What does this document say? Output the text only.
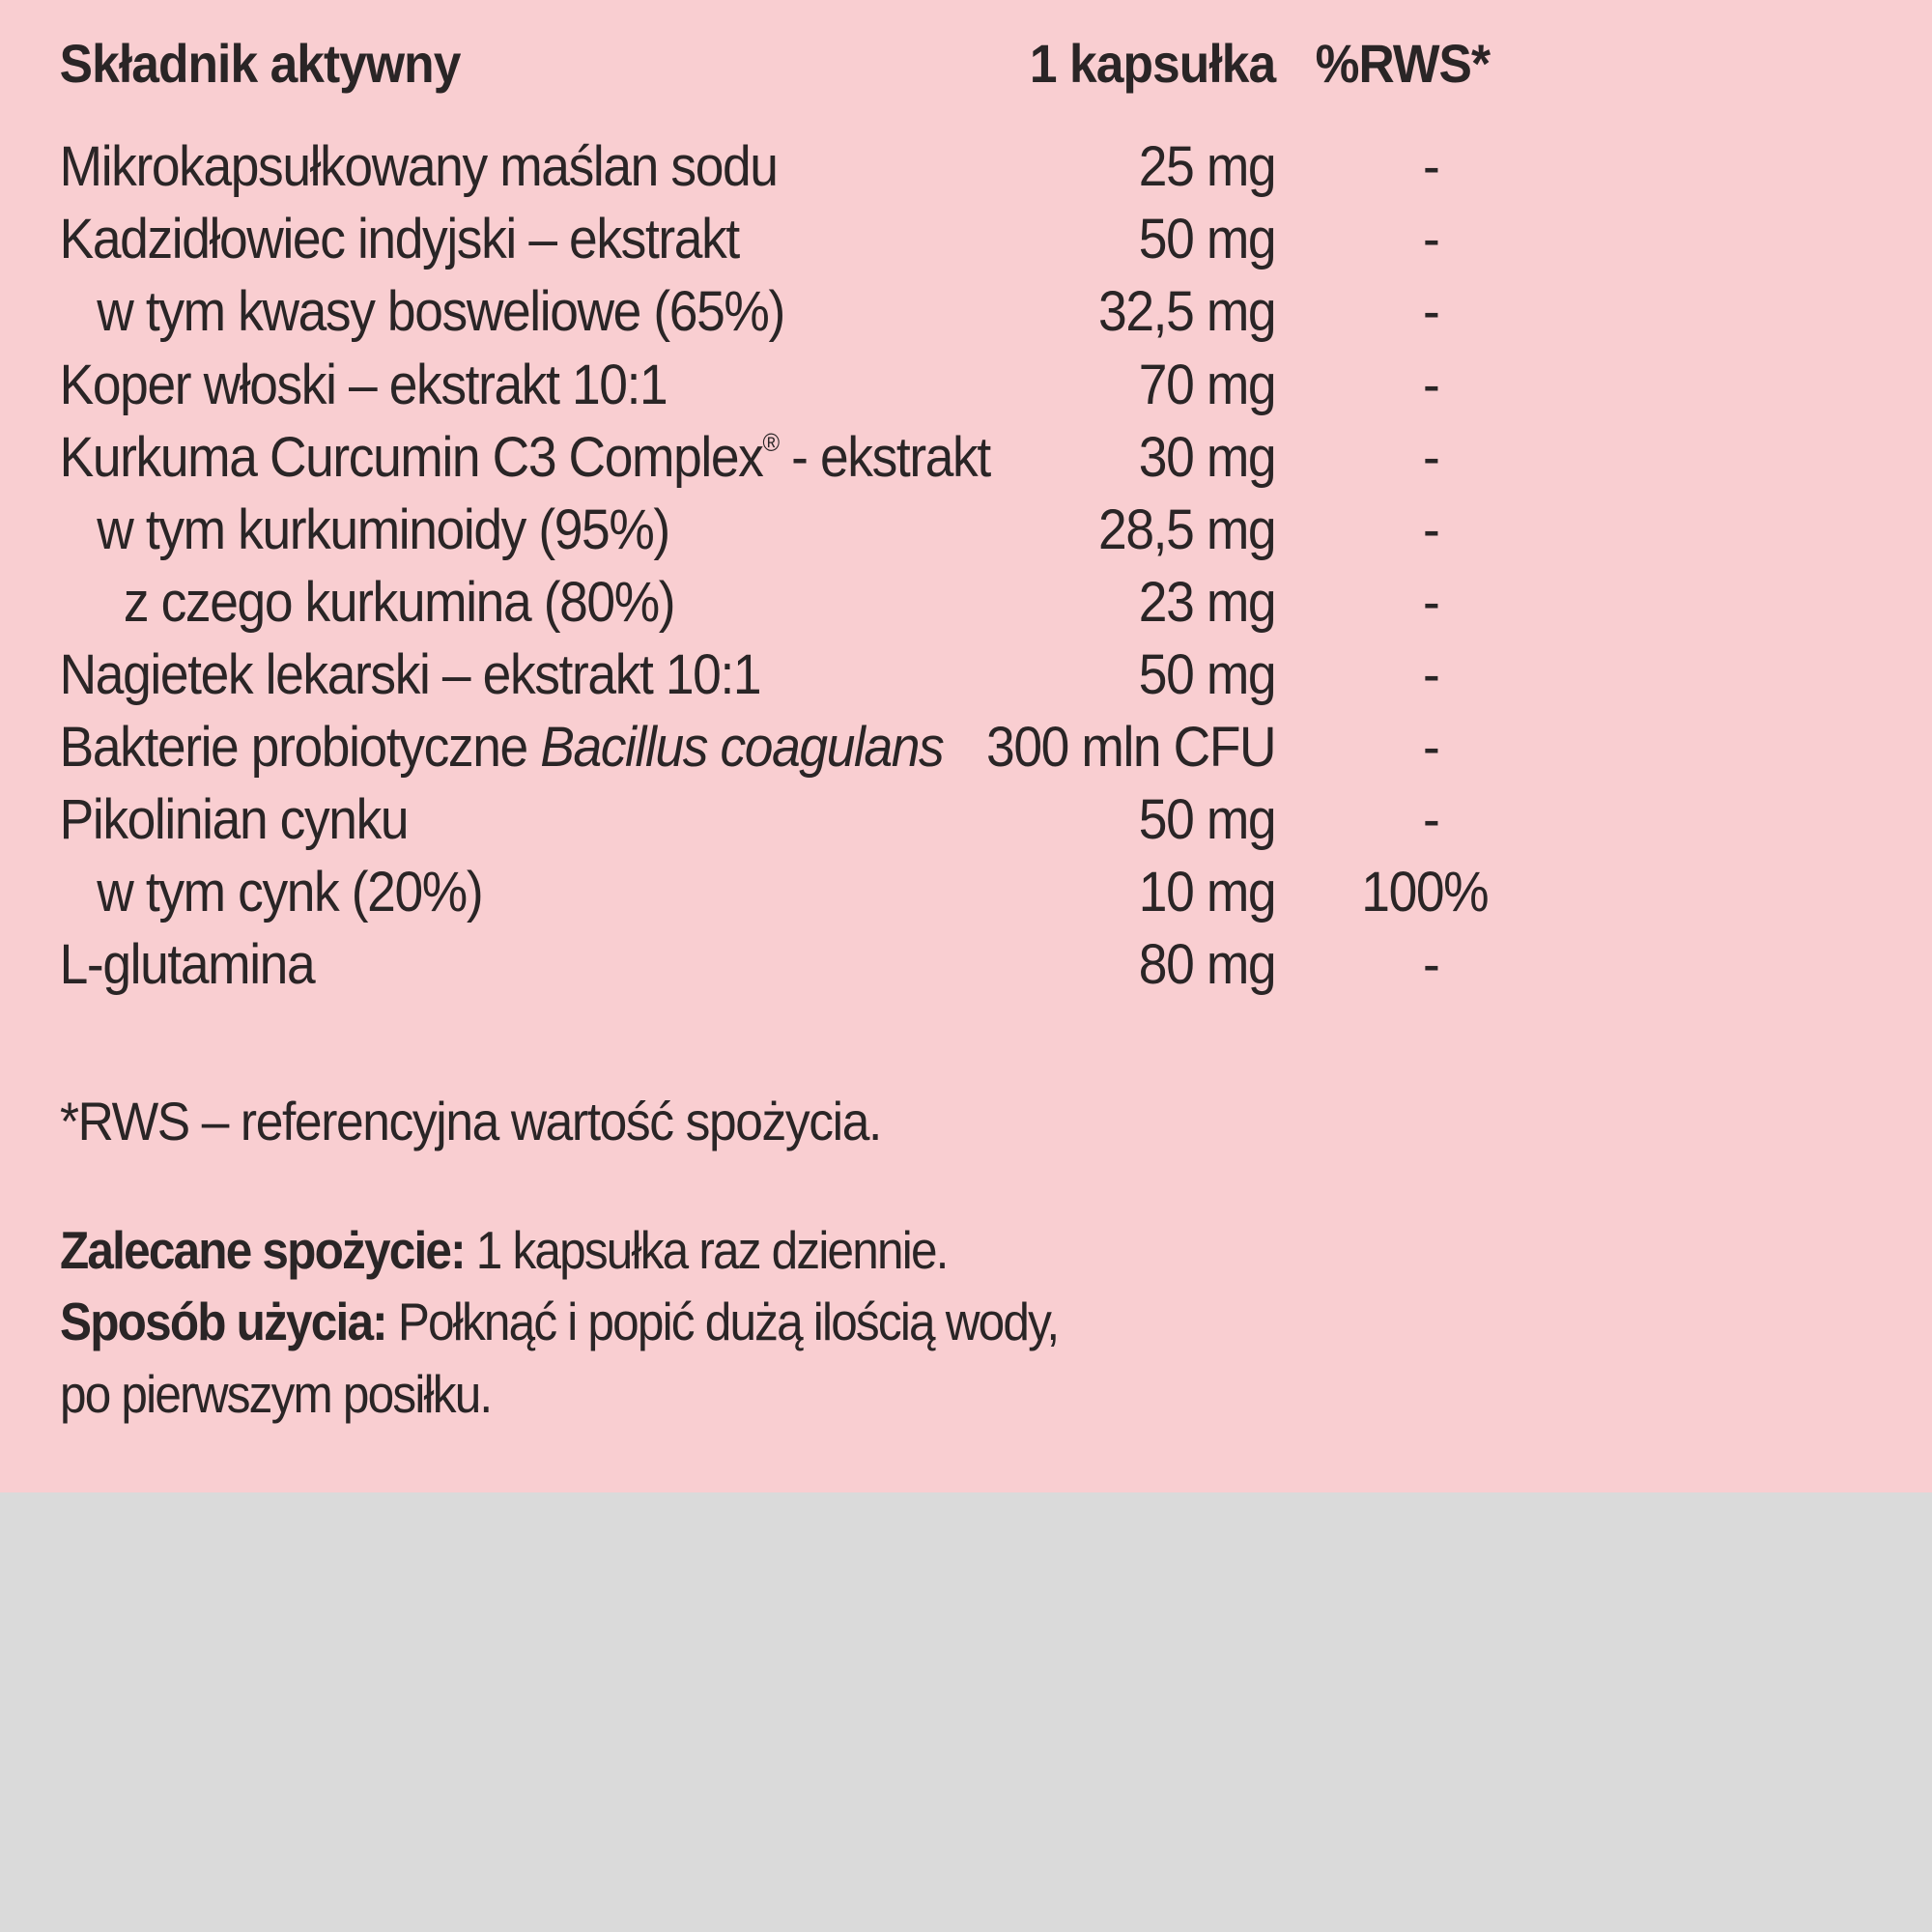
Składnik aktywny	1 kapsułka %RWS*
Mikrokapsułkowany maślan sodu	25 mg	-
Kadzidłowiec indyjski – ekstrakt	50 mg	-
w tym kwasy bosweliowe (65%)	32,5 mg	-
Koper włoski – ekstrakt 10:1	70 mg	-
Kurkuma Curcumin C3 Complex® - ekstrakt	30 mg	-
w tym kurkuminoidy (95%)	28,5 mg	-
z czego kurkumina (80%)	23 mg	-
Nagietek lekarski – ekstrakt 10:1	50 mg	-
Bakterie probiotyczne Bacillus coagulans 300 mln CFU	-
Pikolinian cynku	50 mg	-
w tym cynk (20%)	10 mg 100%
L-glutamina	80 mg	-
*RWS – referencyjna wartość spożycia.
Zalecane spożycie: 1 kapsułka raz dziennie.
Sposób użycia: Połknąć i popić dużą ilością wody,
po pierwszym posiłku.
